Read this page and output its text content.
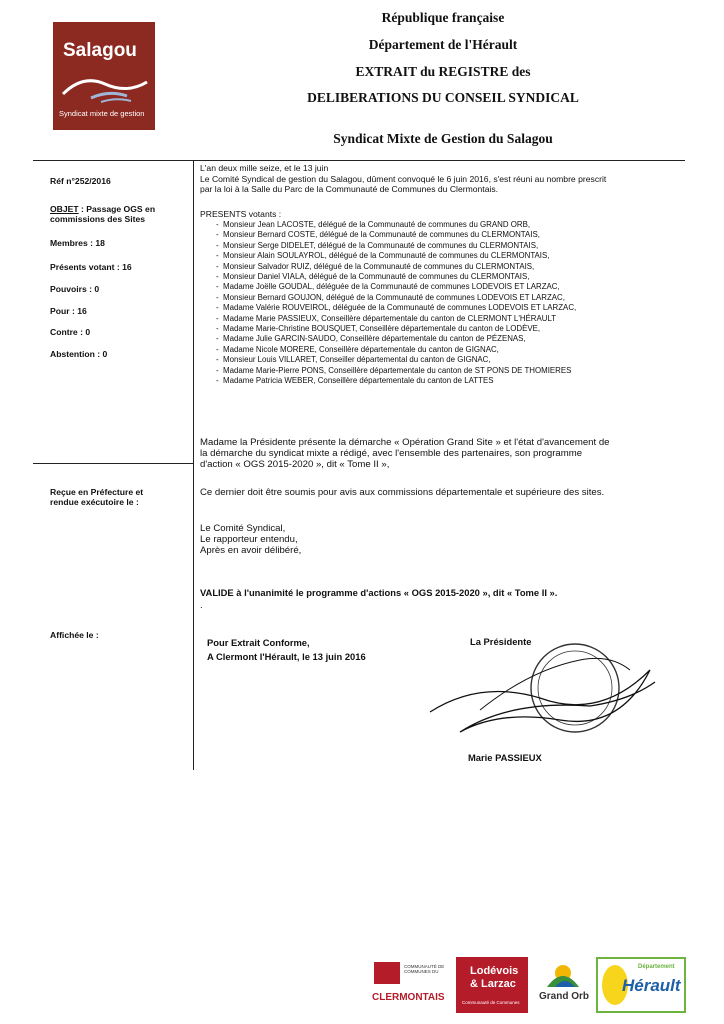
Salagou
Syndicat mixte de gestion
République française
Département de l'Hérault
EXTRAIT du REGISTRE des
DELIBERATIONS DU CONSEIL SYNDICAL
Syndicat Mixte de Gestion du Salagou
Réf n°252/2016
OBJET : Passage OGS en
commissions des Sites
Membres : 18
Présents votant : 16
Pouvoirs : 0
Pour : 16
Contre : 0
Abstention : 0
Reçue en Préfecture et
rendue exécutoire le :
Affichée le :
L'an deux mille seize, et le 13 juin
Le Comité Syndical de gestion du Salagou, dûment convoqué le 6 juin 2016, s'est réuni au nombre prescrit
par la loi à la Salle du Parc de la Communauté de Communes du Clermontais.
PRESENTS votants :
-  Monsieur Jean LACOSTE, délégué de la Communauté de communes du GRAND ORB,
-  Monsieur Bernard COSTE, délégué de la Communauté de communes du CLERMONTAIS,
-  Monsieur Serge DIDELET, délégué de la Communauté de communes du CLERMONTAIS,
-  Monsieur Alain SOULAYROL, délégué de la Communauté de communes du CLERMONTAIS,
-  Monsieur Salvador RUIZ, délégué de la Communauté de communes du CLERMONTAIS,
-  Monsieur Daniel VIALA, délégué de la Communauté de communes du CLERMONTAIS,
-  Madame Joëlle GOUDAL, déléguée de la Communauté de communes LODEVOIS ET LARZAC,
-  Monsieur Bernard GOUJON, délégué de la Communauté de communes LODEVOIS ET LARZAC,
-  Madame Valérie ROUVEIROL, déléguée de la Communauté de communes LODEVOIS ET LARZAC,
-  Madame Marie PASSIEUX, Conseillère départementale du canton de CLERMONT L'HÉRAULT
-  Madame Marie-Christine BOUSQUET, Conseillère départementale du canton de LODÈVE,
-  Madame Julie GARCIN-SAUDO, Conseillère départementale du canton de PÉZENAS,
-  Madame Nicole MORERE, Conseillère départementale du canton de GIGNAC,
-  Monsieur Louis VILLARET, Conseiller départemental du canton de GIGNAC,
-  Madame Marie-Pierre PONS, Conseillère départementale du canton de ST PONS DE THOMIERES
-  Madame Patricia WEBER, Conseillère départementale du canton de LATTES
Madame la Présidente présente la démarche « Opération Grand Site » et l'état d'avancement de
la démarche du syndicat mixte a rédigé, avec l'ensemble des partenaires, son programme
d'action « OGS 2015-2020 », dit « Tome II »,
Ce dernier doit être soumis pour avis aux commissions départementale et supérieure des sites.
Le Comité Syndical,
Le rapporteur entendu,
Après en avoir délibéré,
VALIDE à l'unanimité le programme d'actions « OGS 2015-2020 », dit « Tome II ».
.
Pour Extrait Conforme,
A Clermont l'Hérault, le 13 juin 2016
La Présidente
Marie PASSIEUX
COMMUNAUTÉ DE COMMUNES DU
CLERMONTAIS
Lodévois
& Larzac
Communauté de Communes
Grand Orb
Département
Hérault
